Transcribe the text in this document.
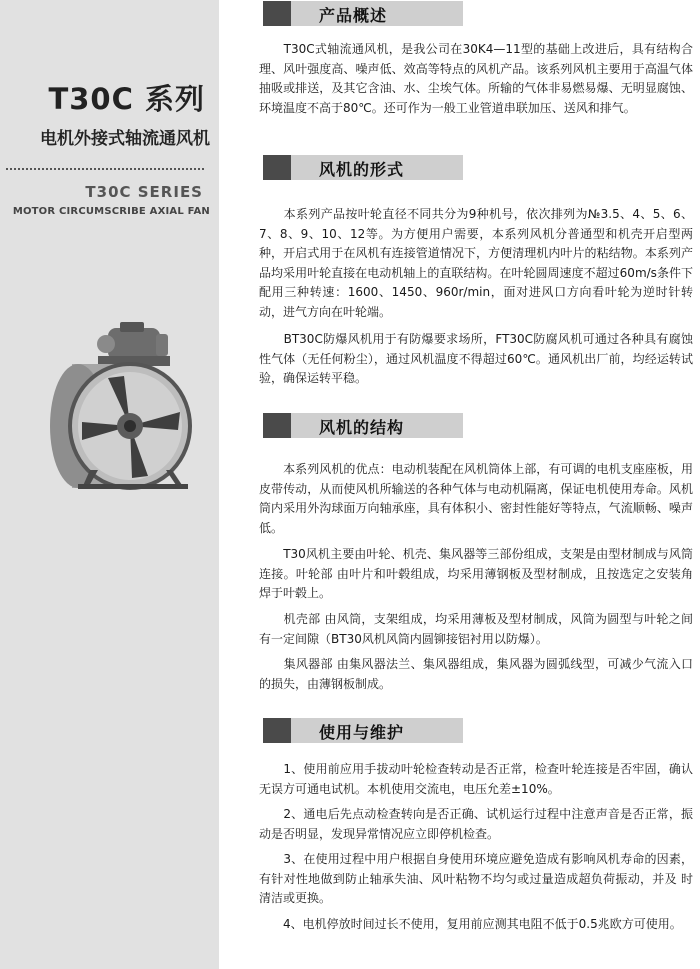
T30C 系列
电机外接式轴流通风机
T30C SERIES
MOTOR CIRCUMSCRIBE AXIAL FAN
产品概述

　　T30C式轴流通风机，是我公司在30K4—11型的基础上改进后，具有结构合理、风叶强度高、噪声低、效高等特点的风机产品。该系列风机主要用于高温气体抽吸或排送，及其它含油、水、尘埃气体。所输的气体非易燃易爆、无明显腐蚀、环境温度不高于80℃。还可作为一般工业管道串联加压、送风和排气。

风机的形式

　　本系列产品按叶轮直径不同共分为9种机号，依次排列为№3.5、4、5、6、7、8、9、10、12等。为方便用户需要，本系列风机分普通型和机壳开启型两种，开启式用于在风机有连接管道情况下，方便清理机内叶片的粘结物。本系列产品均采用叶轮直接在电动机轴上的直联结构。在叶轮圆周速度不超过60m/s条件下配用三种转速：1600、1450、960r/min，面对进风口方向看叶轮为逆时针转动，进气方向在叶轮端。

　　BT30C防爆风机用于有防爆要求场所，FT30C防腐风机可通过各种具有腐蚀性气体（无任何粉尘），通过风机温度不得超过60℃。通风机出厂前，均经运转试验，确保运转平稳。

风机的结构

　　本系列风机的优点：电动机装配在风机筒体上部，有可调的电机支座座板，用皮带传动，从而使风机所输送的各种气体与电动机隔离，保证电机使用寿命。风机筒内采用外沟球面万向轴承座，具有体积小、密封性能好等特点，气流顺畅、噪声低。

　　T30风机主要由叶轮、机壳、集风器等三部份组成，支架是由型材制成与风筒连接。叶轮部 由叶片和叶毂组成，均采用薄钢板及型材制成，且按选定之安装角焊于叶毂上。

　　机壳部 由风筒，支架组成，均采用薄板及型材制成，风筒为圆型与叶轮之间有一定间隙（BT30风机风筒内圆铆接铝衬用以防爆）。

　　集风器部 由集风器法兰、集风器组成，集风器为圆弧线型，可减少气流入口的损失，由薄钢板制成。

使用与维护

　　1、使用前应用手拔动叶轮检查转动是否正常，检查叶轮连接是否牢固，确认无误方可通电试机。本机使用交流电，电压允差±10%。

　　2、通电后先点动检查转向是否正确、试机运行过程中注意声音是否正常，振动是否明显，发现异常情况应立即停机检查。

　　3、在使用过程中用户根据自身使用环境应避免造成有影响风机寿命的因素，有针对性地做到防止轴承失油、风叶粘物不均匀或过量造成超负荷振动，并及 时清洁或更换。

　　4、电机停放时间过长不使用，复用前应测其电阻不低于0.5兆欧方可使用。
